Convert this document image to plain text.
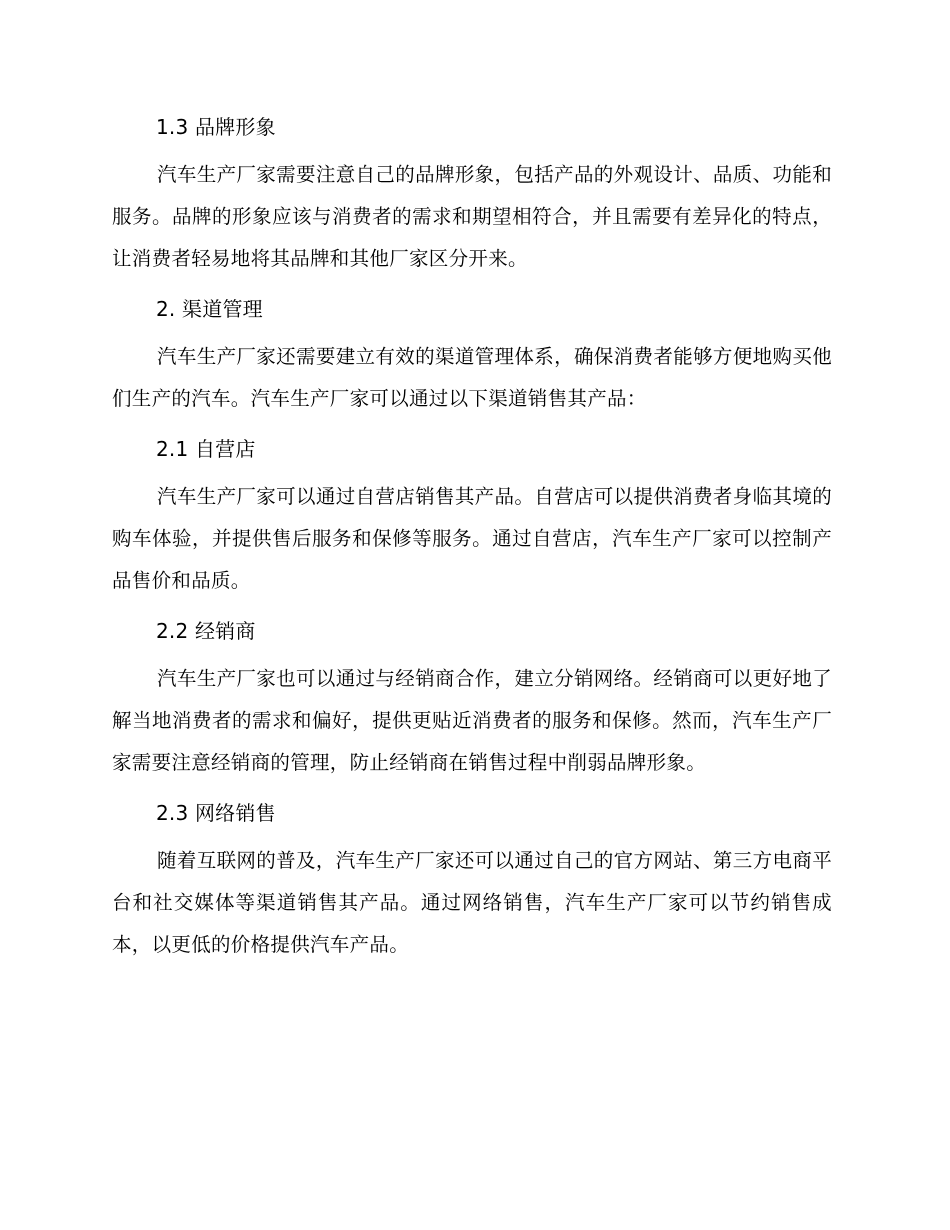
1.3 品牌形象

汽车生产厂家需要注意自己的品牌形象，包括产品的外观设计、品质、功能和服务。品牌的形象应该与消费者的需求和期望相符合，并且需要有差异化的特点，让消费者轻易地将其品牌和其他厂家区分开来。

2. 渠道管理

汽车生产厂家还需要建立有效的渠道管理体系，确保消费者能够方便地购买他们生产的汽车。汽车生产厂家可以通过以下渠道销售其产品：

2.1 自营店

汽车生产厂家可以通过自营店销售其产品。自营店可以提供消费者身临其境的购车体验，并提供售后服务和保修等服务。通过自营店，汽车生产厂家可以控制产品售价和品质。

2.2 经销商

汽车生产厂家也可以通过与经销商合作，建立分销网络。经销商可以更好地了解当地消费者的需求和偏好，提供更贴近消费者的服务和保修。然而，汽车生产厂家需要注意经销商的管理，防止经销商在销售过程中削弱品牌形象。

2.3 网络销售

随着互联网的普及，汽车生产厂家还可以通过自己的官方网站、第三方电商平台和社交媒体等渠道销售其产品。通过网络销售，汽车生产厂家可以节约销售成本，以更低的价格提供汽车产品。
